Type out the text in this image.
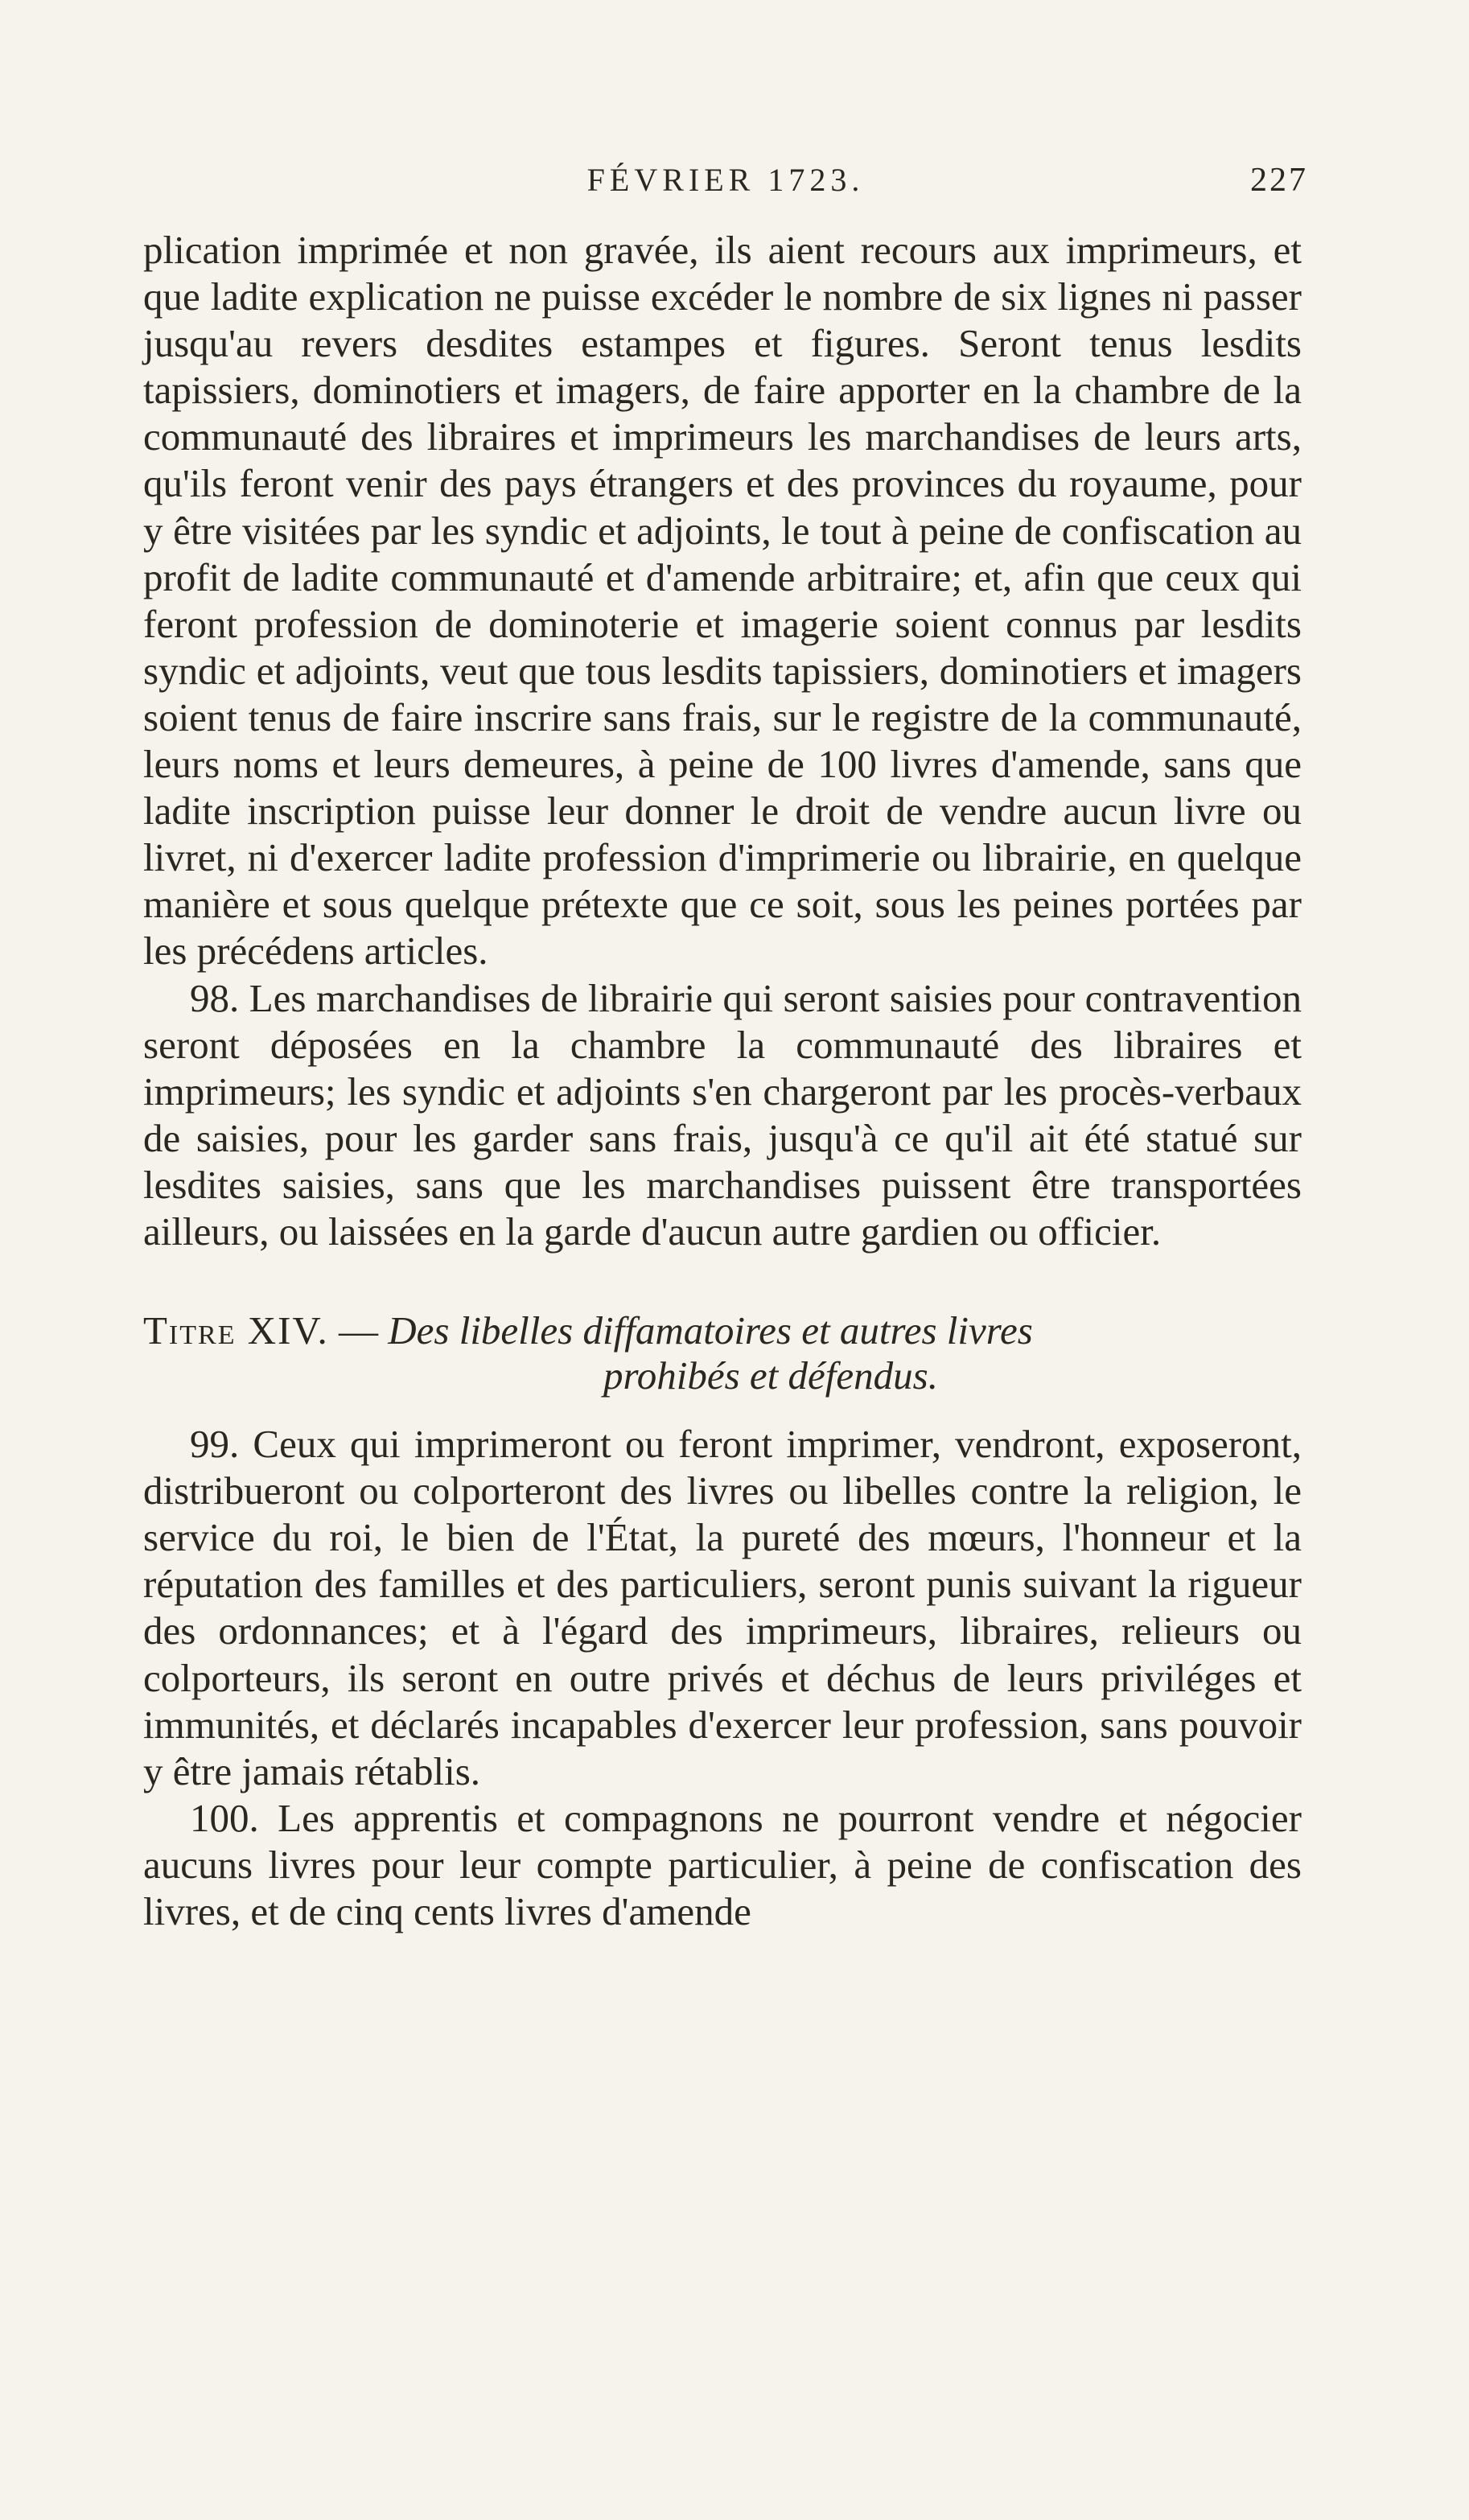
FÉVRIER 1723.	227

plication imprimée et non gravée, ils aient recours aux imprimeurs, et que ladite explication ne puisse excéder le nombre de six lignes ni passer jusqu'au revers desdites estampes et figures. Seront tenus lesdits tapissiers, dominotiers et imagers, de faire apporter en la chambre de la communauté des libraires et imprimeurs les marchandises de leurs arts, qu'ils feront venir des pays étrangers et des provinces du royaume, pour y être visitées par les syndic et adjoints, le tout à peine de confiscation au profit de ladite communauté et d'amende arbitraire; et, afin que ceux qui feront profession de dominoterie et imagerie soient connus par lesdits syndic et adjoints, veut que tous lesdits tapissiers, dominotiers et imagers soient tenus de faire inscrire sans frais, sur le registre de la communauté, leurs noms et leurs demeures, à peine de 100 livres d'amende, sans que ladite inscription puisse leur donner le droit de vendre aucun livre ou livret, ni d'exercer ladite profession d'imprimerie ou librairie, en quelque manière et sous quelque prétexte que ce soit, sous les peines portées par les précédens articles.

98. Les marchandises de librairie qui seront saisies pour contravention seront déposées en la chambre la communauté des libraires et imprimeurs; les syndic et adjoints s'en chargeront par les procès-verbaux de saisies, pour les garder sans frais, jusqu'à ce qu'il ait été statué sur lesdites saisies, sans que les marchandises puissent être transportées ailleurs, ou laissées en la garde d'aucun autre gardien ou officier.

Titre XIV. — Des libelles diffamatoires et autres livres
prohibés et défendus.

99. Ceux qui imprimeront ou feront imprimer, vendront, exposeront, distribueront ou colporteront des livres ou libelles contre la religion, le service du roi, le bien de l'État, la pureté des mœurs, l'honneur et la réputation des familles et des particuliers, seront punis suivant la rigueur des ordonnances; et à l'égard des imprimeurs, libraires, relieurs ou colporteurs, ils seront en outre privés et déchus de leurs priviléges et immunités, et déclarés incapables d'exercer leur profession, sans pouvoir y être jamais rétablis.

100. Les apprentis et compagnons ne pourront vendre et négocier aucuns livres pour leur compte particulier, à peine de confiscation des livres, et de cinq cents livres d'amende
